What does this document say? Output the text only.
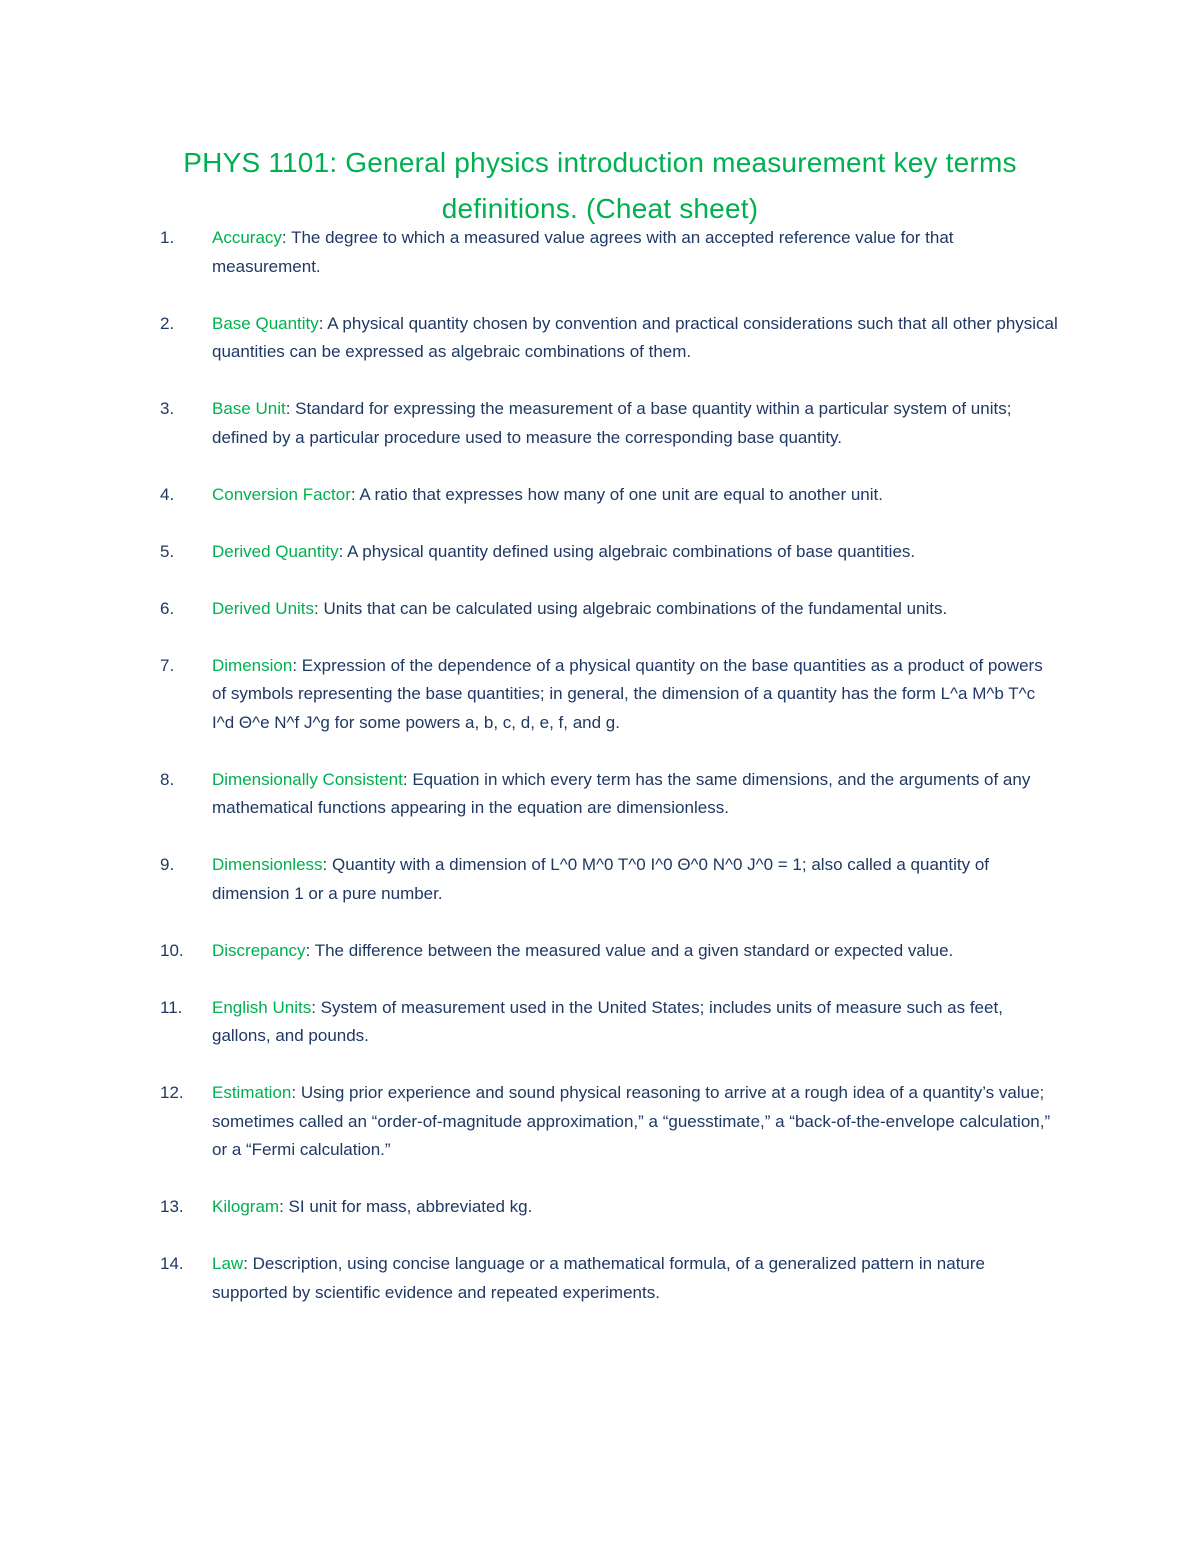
PHYS 1101: General physics introduction measurement key terms definitions. (Cheat sheet)
1.	Accuracy: The degree to which a measured value agrees with an accepted reference value for that measurement.
2.	Base Quantity: A physical quantity chosen by convention and practical considerations such that all other physical quantities can be expressed as algebraic combinations of them.
3.	Base Unit: Standard for expressing the measurement of a base quantity within a particular system of units; defined by a particular procedure used to measure the corresponding base quantity.
4.	Conversion Factor: A ratio that expresses how many of one unit are equal to another unit.
5.	Derived Quantity: A physical quantity defined using algebraic combinations of base quantities.
6.	Derived Units: Units that can be calculated using algebraic combinations of the fundamental units.
7.	Dimension: Expression of the dependence of a physical quantity on the base quantities as a product of powers of symbols representing the base quantities; in general, the dimension of a quantity has the form L^a M^b T^c I^d Θ^e N^f J^g for some powers a, b, c, d, e, f, and g.
8.	Dimensionally Consistent: Equation in which every term has the same dimensions, and the arguments of any mathematical functions appearing in the equation are dimensionless.
9.	Dimensionless: Quantity with a dimension of L^0 M^0 T^0 I^0 Θ^0 N^0 J^0 = 1; also called a quantity of dimension 1 or a pure number.
10.	Discrepancy: The difference between the measured value and a given standard or expected value.
11.	English Units: System of measurement used in the United States; includes units of measure such as feet, gallons, and pounds.
12.	Estimation: Using prior experience and sound physical reasoning to arrive at a rough idea of a quantity’s value; sometimes called an “order-of-magnitude approximation,” a “guesstimate,” a “back-of-the-envelope calculation,” or a “Fermi calculation.”
13.	Kilogram: SI unit for mass, abbreviated kg.
14.	Law: Description, using concise language or a mathematical formula, of a generalized pattern in nature supported by scientific evidence and repeated experiments.
